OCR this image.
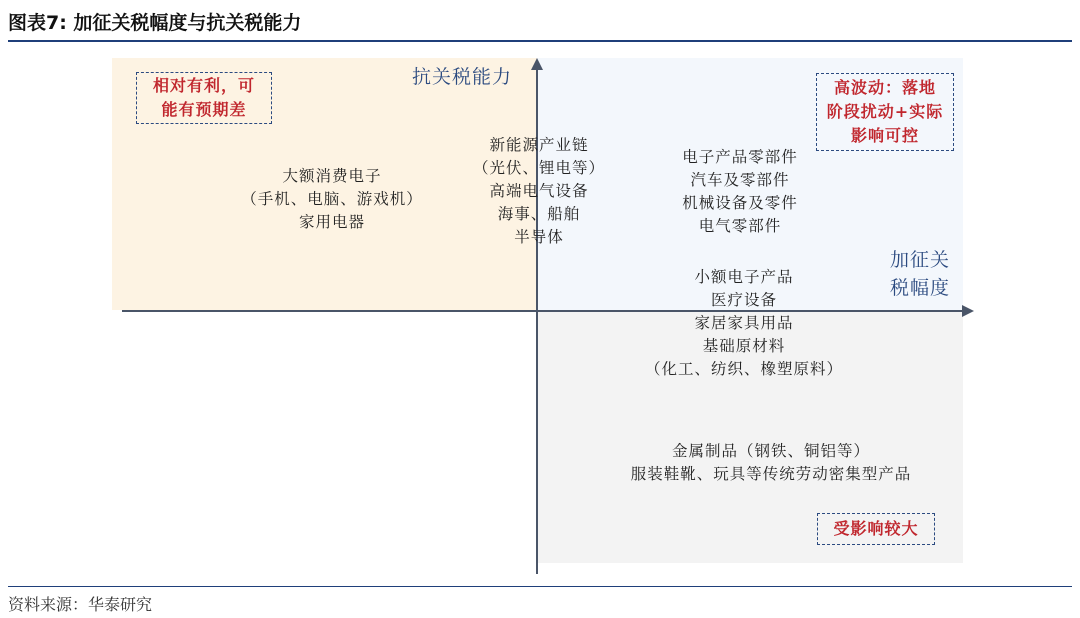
图表7: 加征关税幅度与抗关税能力
抗关税能力
加征关
税幅度
相对有利，可
能有预期差
高波动：落地
阶段扰动+实际
影响可控
受影响较大
大额消费电子
（手机、电脑、游戏机）
家用电器
新能源产业链
（光伏、锂电等）
高端电气设备
海事、船舶
半导体
电子产品零部件
汽车及零部件
机械设备及零件
电气零部件
小额电子产品
医疗设备
家居家具用品
基础原材料
（化工、纺织、橡塑原料）
金属制品（钢铁、铜铝等）
服装鞋靴、玩具等传统劳动密集型产品
资料来源：华泰研究
